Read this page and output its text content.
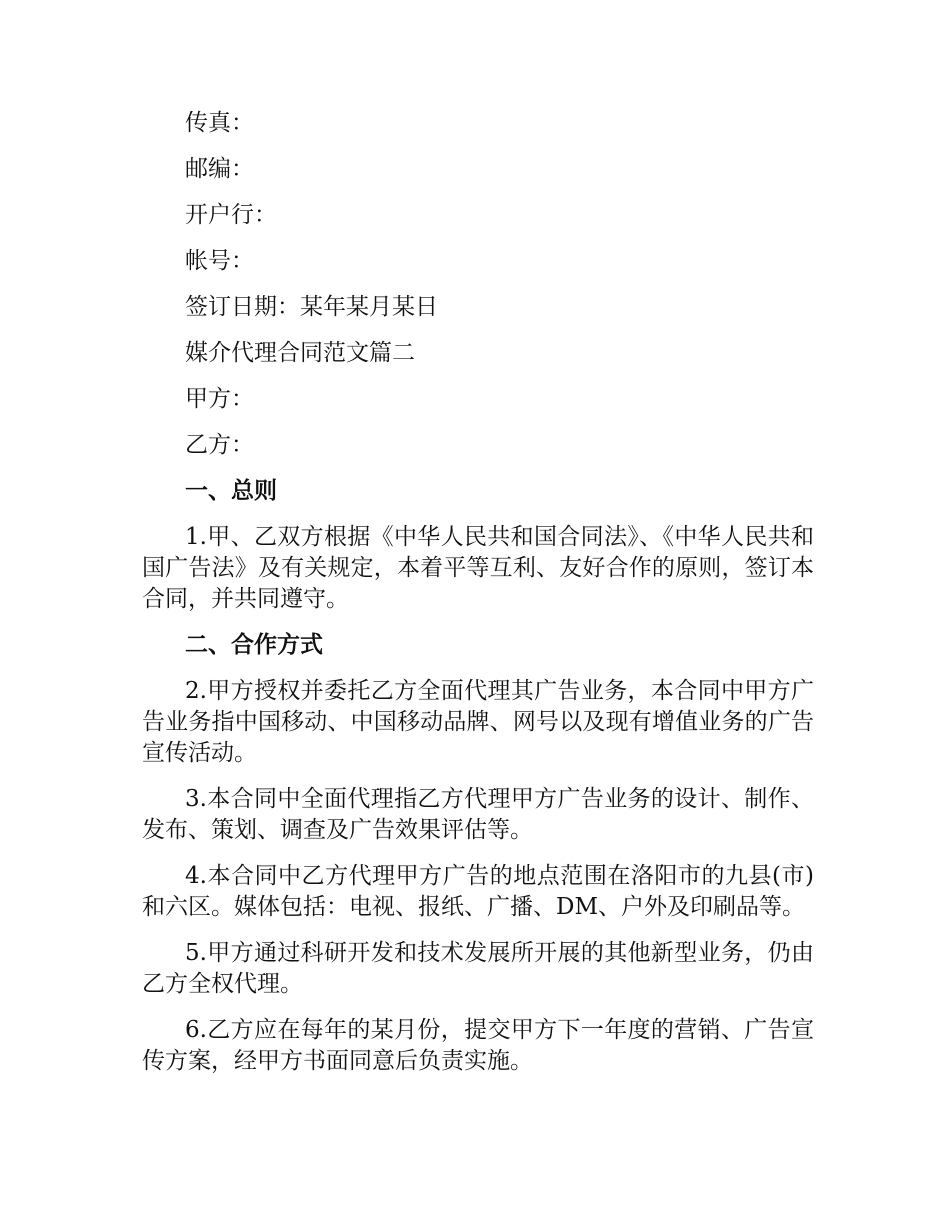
传真：
邮编：
开户行：
帐号：
签订日期：某年某月某日
媒介代理合同范文篇二
甲方：
乙方：
一、总则

1.甲、乙双方根据《中华人民共和国合同法》、《中华人民共和国广告法》及有关规定，本着平等互利、友好合作的原则，签订本合同，并共同遵守。

二、合作方式

2.甲方授权并委托乙方全面代理其广告业务，本合同中甲方广告业务指中国移动、中国移动品牌、网号以及现有增值业务的广告宣传活动。

3.本合同中全面代理指乙方代理甲方广告业务的设计、制作、发布、策划、调查及广告效果评估等。

4.本合同中乙方代理甲方广告的地点范围在洛阳市的九县(市)和六区。媒体包括：电视、报纸、广播、DM、户外及印刷品等。

5.甲方通过科研开发和技术发展所开展的其他新型业务，仍由乙方全权代理。

6.乙方应在每年的某月份，提交甲方下一年度的营销、广告宣传方案，经甲方书面同意后负责实施。
